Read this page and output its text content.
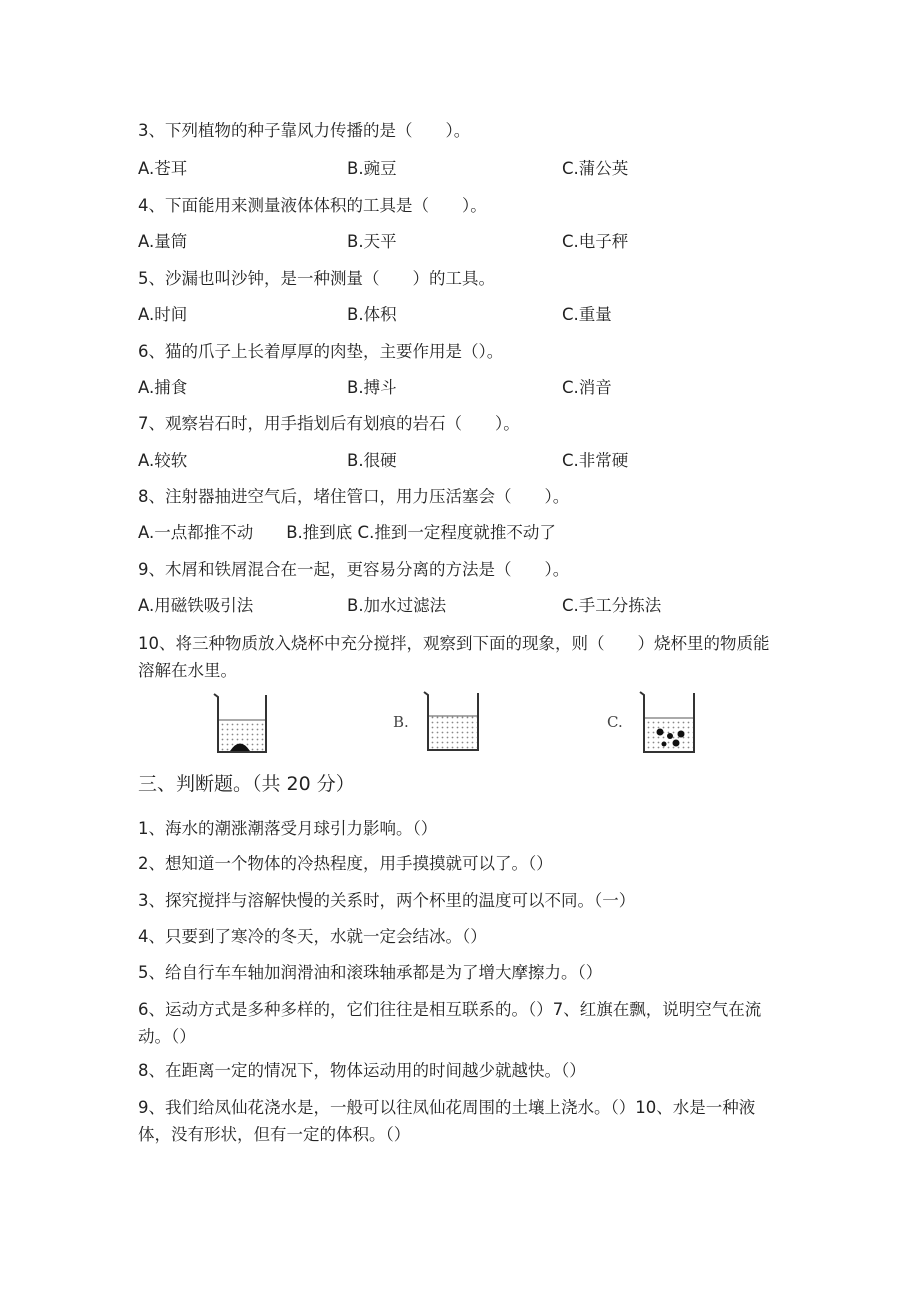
3、下列植物的种子靠风力传播的是（　　）。
A.苍耳	B.豌豆	C.蒲公英
4、下面能用来测量液体体积的工具是（　　）。
A.量筒	B.天平	C.电子秤
5、沙漏也叫沙钟，是一种测量（　　）的工具。
A.时间	B.体积	C.重量
6、猫的爪子上长着厚厚的肉垫，主要作用是（）。
A.捕食	B.搏斗	C.消音
7、观察岩石时，用手指划后有划痕的岩石（　　）。
A.较软	B.很硬	C.非常硬
8、注射器抽进空气后，堵住管口，用力压活塞会（　　）。
A.一点都推不动　　B.推到底 C.推到一定程度就推不动了
9、木屑和铁屑混合在一起，更容易分离的方法是（　　）。
A.用磁铁吸引法	B.加水过滤法	C.手工分拣法
10、将三种物质放入烧杯中充分搅拌，观察到下面的现象，则（　　）烧杯里的物质能溶解在水里。
B.	C.
三、判断题。（共 20 分）
1、海水的潮涨潮落受月球引力影响。（）
2、想知道一个物体的冷热程度，用手摸摸就可以了。（）
3、探究搅拌与溶解快慢的关系时，两个杯里的温度可以不同。（一）
4、只要到了寒冷的冬天，水就一定会结冰。（）
5、给自行车车轴加润滑油和滚珠轴承都是为了增大摩擦力。（）
6、运动方式是多种多样的，它们往往是相互联系的。（）7、红旗在飘，说明空气在流动。（）
8、在距离一定的情况下，物体运动用的时间越少就越快。（）
9、我们给凤仙花浇水是，一般可以往凤仙花周围的土壤上浇水。（）10、水是一种液体，没有形状，但有一定的体积。（）
